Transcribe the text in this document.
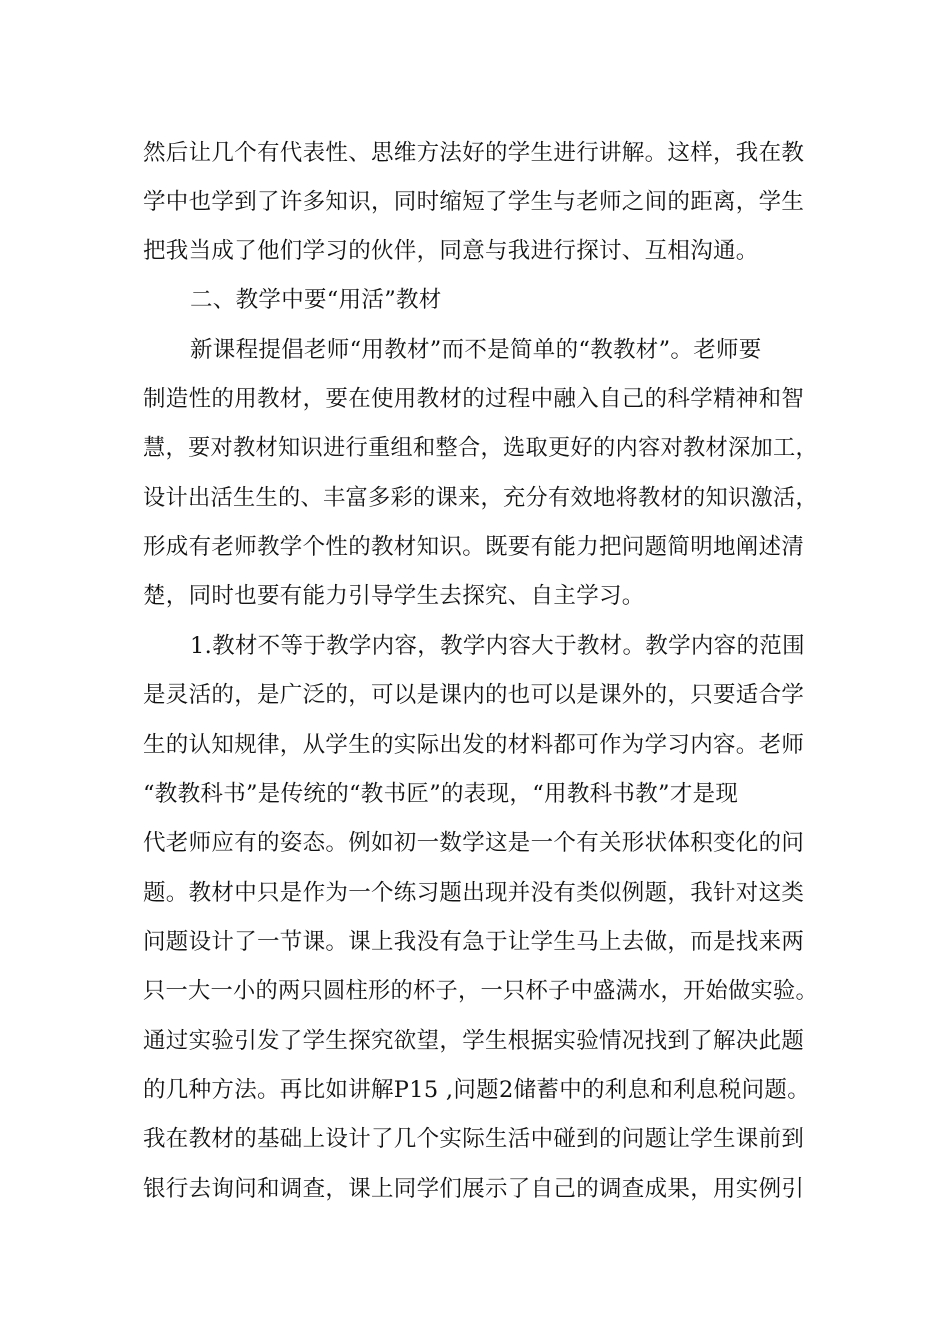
然后让几个有代表性、思维方法好的学生进行讲解。这样，我在教
学中也学到了许多知识，同时缩短了学生与老师之间的距离，学生
把我当成了他们学习的伙伴，同意与我进行探讨、互相沟通。
二、教学中要“用活”教材
新课程提倡老师“用教材”而不是简单的“教教材”。老师要
制造性的用教材，要在使用教材的过程中融入自己的科学精神和智
慧，要对教材知识进行重组和整合，选取更好的内容对教材深加工，
设计出活生生的、丰富多彩的课来，充分有效地将教材的知识激活，
形成有老师教学个性的教材知识。既要有能力把问题简明地阐述清
楚，同时也要有能力引导学生去探究、自主学习。
1.教材不等于教学内容，教学内容大于教材。教学内容的范围
是灵活的，是广泛的，可以是课内的也可以是课外的，只要适合学
生的认知规律，从学生的实际出发的材料都可作为学习内容。老师
“教教科书”是传统的“教书匠”的表现，“用教科书教”才是现
代老师应有的姿态。例如初一数学这是一个有关形状体积变化的问
题。教材中只是作为一个练习题出现并没有类似例题，我针对这类
问题设计了一节课。课上我没有急于让学生马上去做，而是找来两
只一大一小的两只圆柱形的杯子，一只杯子中盛满水，开始做实验。
通过实验引发了学生探究欲望，学生根据实验情况找到了解决此题
的几种方法。再比如讲解P15 ,问题2储蓄中的利息和利息税问题。
我在教材的基础上设计了几个实际生活中碰到的问题让学生课前到
银行去询问和调查，课上同学们展示了自己的调查成果，用实例引
